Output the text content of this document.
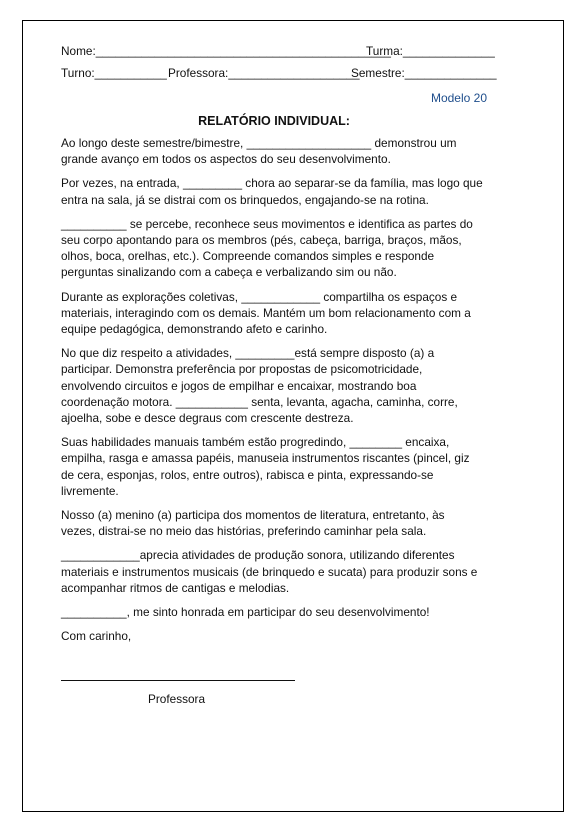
Nome:_____________________________________________
Turma:______________
Turno:___________ Professora:____________________
Semestre:______________
Modelo 20
RELATÓRIO INDIVIDUAL:
Ao longo deste semestre/bimestre, ___________________ demonstrou um
grande avanço em todos os aspectos do seu desenvolvimento.
Por vezes, na entrada, _________ chora ao separar-se da família, mas logo que
entra na sala, já se distrai com os brinquedos, engajando-se na rotina.
__________ se percebe, reconhece seus movimentos e identifica as partes do
seu corpo apontando para os membros (pés, cabeça, barriga, braços, mãos,
olhos, boca, orelhas, etc.). Compreende comandos simples e responde
perguntas sinalizando com a cabeça e verbalizando sim ou não.
Durante as explorações coletivas, ____________ compartilha os espaços e
materiais, interagindo com os demais. Mantém um bom relacionamento com a
equipe pedagógica, demonstrando afeto e carinho.
No que diz respeito a atividades, _________está sempre disposto (a) a
participar. Demonstra preferência por propostas de psicomotricidade,
envolvendo circuitos e jogos de empilhar e encaixar, mostrando boa
coordenação motora. ___________ senta, levanta, agacha, caminha, corre,
ajoelha, sobe e desce degraus com crescente destreza.
Suas habilidades manuais também estão progredindo, ________ encaixa,
empilha, rasga e amassa papéis, manuseia instrumentos riscantes (pincel, giz
de cera, esponjas, rolos, entre outros), rabisca e pinta, expressando-se
livremente.
Nosso (a) menino (a) participa dos momentos de literatura, entretanto, às
vezes, distrai-se no meio das histórias, preferindo caminhar pela sala.
____________aprecia atividades de produção sonora, utilizando diferentes
materiais e instrumentos musicais (de brinquedo e sucata) para produzir sons e
acompanhar ritmos de cantigas e melodias.
__________, me sinto honrada em participar do seu desenvolvimento!
Com carinho,
Professora
